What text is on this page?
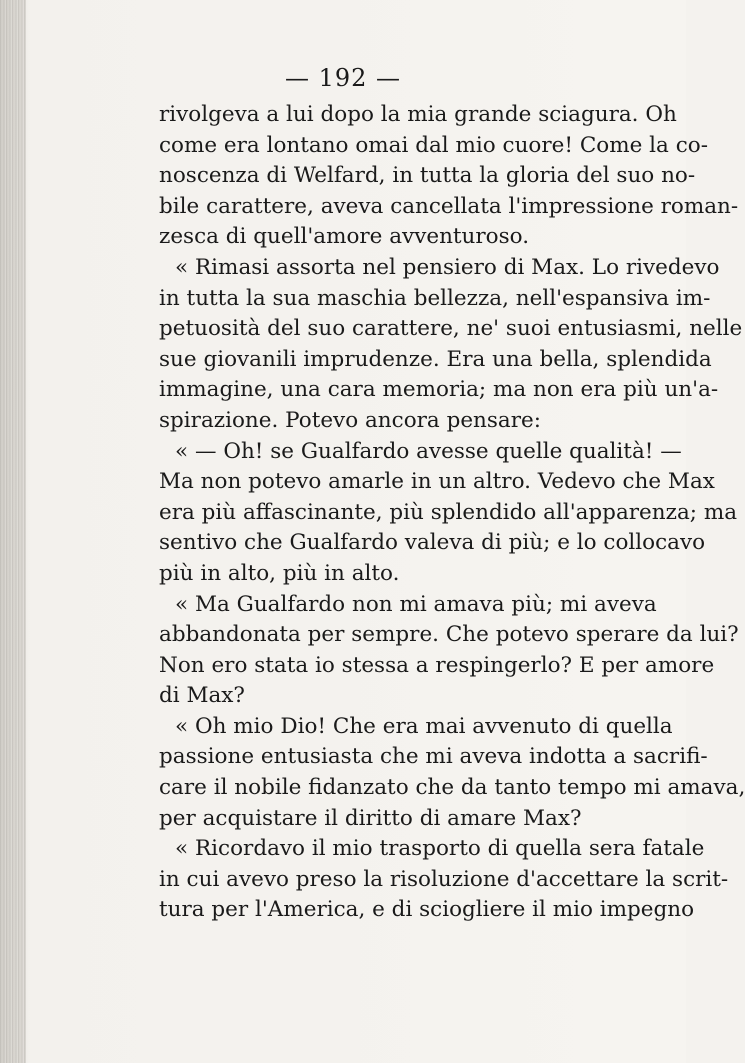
— 192 —
rivolgeva a lui dopo la mia grande sciagura. Oh
come era lontano omai dal mio cuore! Come la co-
noscenza di Welfard, in tutta la gloria del suo no-
bile carattere, aveva cancellata l'impressione roman-
zesca di quell'amore avventuroso.
« Rimasi assorta nel pensiero di Max. Lo rivedevo
in tutta la sua maschia bellezza, nell'espansiva im-
petuosità del suo carattere, ne' suoi entusiasmi, nelle
sue giovanili imprudenze. Era una bella, splendida
immagine, una cara memoria; ma non era più un'a-
spirazione. Potevo ancora pensare:
« — Oh! se Gualfardo avesse quelle qualità! —
Ma non potevo amarle in un altro. Vedevo che Max
era più affascinante, più splendido all'apparenza; ma
sentivo che Gualfardo valeva di più; e lo collocavo
più in alto, più in alto.
« Ma Gualfardo non mi amava più; mi aveva
abbandonata per sempre. Che potevo sperare da lui?
Non ero stata io stessa a respingerlo? E per amore
di Max?
« Oh mio Dio! Che era mai avvenuto di quella
passione entusiasta che mi aveva indotta a sacrifi-
care il nobile fidanzato che da tanto tempo mi amava,
per acquistare il diritto di amare Max?
« Ricordavo il mio trasporto di quella sera fatale
in cui avevo preso la risoluzione d'accettare la scrit-
tura per l'America, e di sciogliere il mio impegno
